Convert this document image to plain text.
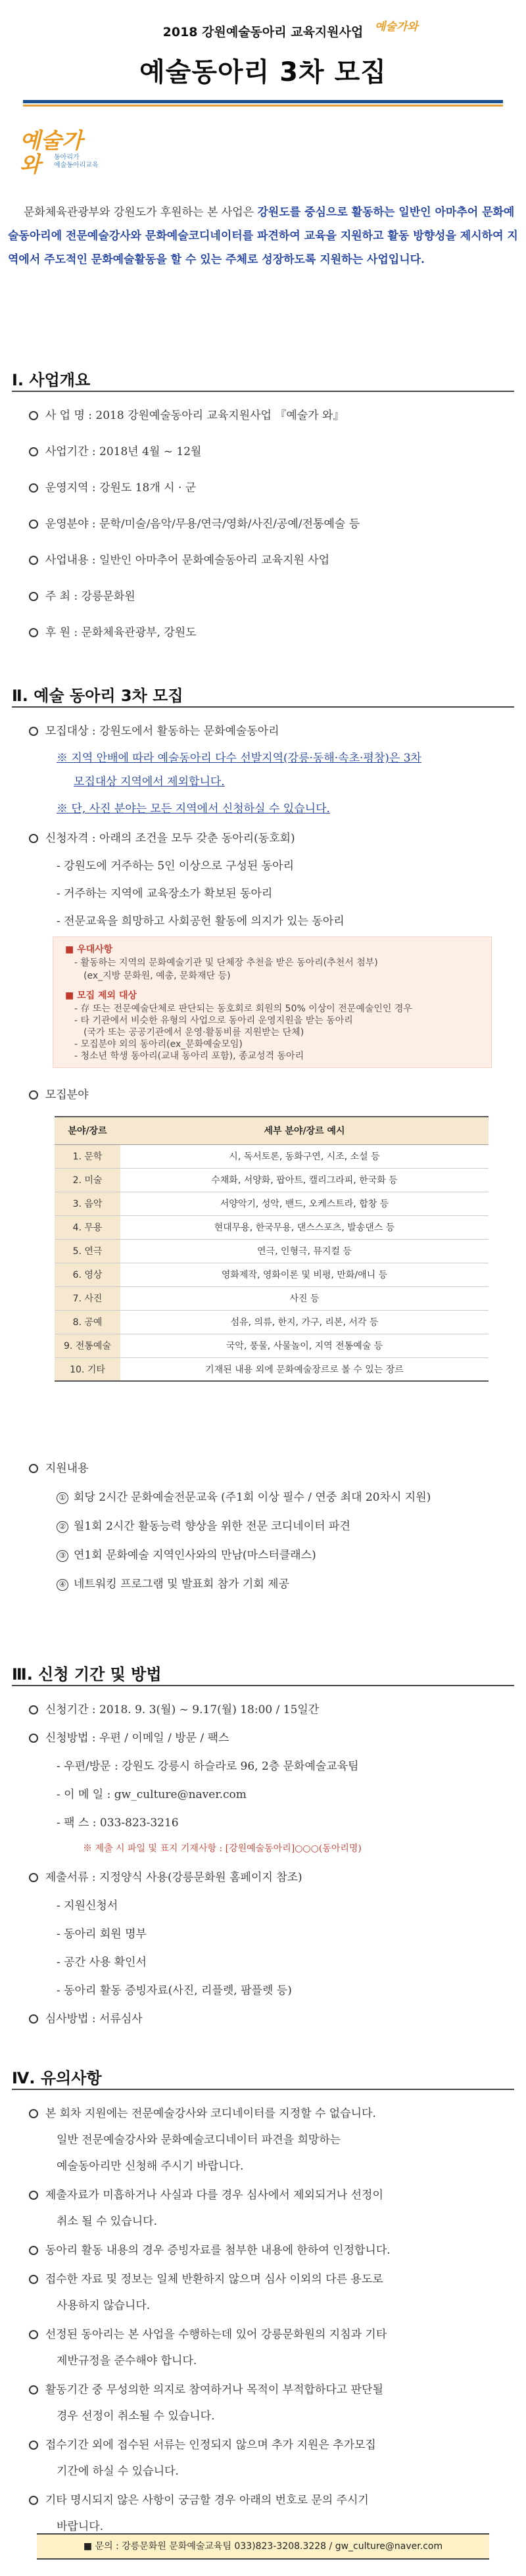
2018 강원예술동아리 교육지원사업	예술가와
예술동아리 3차 모집
예술가와	동아리가
예술동아리교육
문화체육관광부와 강원도가 후원하는 본 사업은 강원도를 중심으로 활동하는 일반인 아마추어 문화예술동아리에 전문예술강사와 문화예술코디네이터를 파견하여 교육을 지원하고 활동 방향성을 제시하여 지역에서 주도적인 문화예술활동을 할 수 있는 주체로 성장하도록 지원하는 사업입니다.
Ⅰ. 사업개요
사 업 명 : 2018 강원예술동아리 교육지원사업 『예술가 와』
사업기간 : 2018년 4월 ~ 12월
운영지역 : 강원도 18개 시 · 군
운영분야 : 문학/미술/음악/무용/연극/영화/사진/공예/전통예술 등
사업내용 : 일반인 아마추어 문화예술동아리 교육지원 사업
주 최 : 강릉문화원
후 원 : 문화체육관광부, 강원도
Ⅱ. 예술 동아리 3차 모집
모집대상 : 강원도에서 활동하는 문화예술동아리
※ 지역 안배에 따라 예술동아리 다수 선발지역(강릉·동해·속초·평창)은 3차
모집대상 지역에서 제외합니다.
※ 단, 사진 분야는 모든 지역에서 신청하실 수 있습니다.
신청자격 : 아래의 조건을 모두 갖춘 동아리(동호회)
- 강원도에 거주하는 5인 이상으로 구성된 동아리
- 거주하는 지역에 교육장소가 확보된 동아리
- 전문교육을 희망하고 사회공헌 활동에 의지가 있는 동아리
■ 우대사항
- 활동하는 지역의 문화예술기관 및 단체장 추천을 받은 동아리(추천서 첨부)
(ex_지방 문화원, 예총, 문화재단 등)
■ 모집 제외 대상
- 存 또는 전문예술단체로 판단되는 동호회로 회원의 50% 이상이 전문예술인인 경우
- 타 기관에서 비슷한 유형의 사업으로 동아리 운영지원을 받는 동아리
(국가 또는 공공기관에서 운영·활동비를 지원받는 단체)
- 모집분야 외의 동아리(ex_문화예술모임)
- 청소년 학생 동아리(교내 동아리 포함), 종교성격 동아리
모집분야
분야/장르	세부 분야/장르 예시
1. 문학	시, 독서토론, 동화구연, 시조, 소설 등
2. 미술	수채화, 서양화, 팝아트, 캘리그라피, 한국화 등
3. 음악	서양악기, 성악, 밴드, 오케스트라, 합창 등
4. 무용	현대무용, 한국무용, 댄스스포츠, 발송댄스 등
5. 연극	연극, 인형극, 뮤지컬 등
6. 영상	영화제작, 영화이론 및 비평, 만화/애니 등
7. 사진	사진 등
8. 공예	섬유, 의류, 한지, 가구, 리본, 서각 등
9. 전통예술	국악, 풍물, 사물놀이, 지역 전통예술 등
10. 기타	기재된 내용 외에 문화예술장르로 볼 수 있는 장르
지원내용
① 회당 2시간 문화예술전문교육 (주1회 이상 필수 / 연중 최대 20차시 지원)
② 월1회 2시간 활동능력 향상을 위한 전문 코디네이터 파견
③ 연1회 문화예술 지역인사와의 만남(마스터클래스)
④ 네트워킹 프로그램 및 발표회 참가 기회 제공
Ⅲ. 신청 기간 및 방법
신청기간 : 2018. 9. 3(월) ~ 9.17(월) 18:00 / 15일간
신청방법 : 우편 / 이메일 / 방문 / 팩스
- 우편/방문 : 강원도 강릉시 하슬라로 96, 2층 문화예술교육팀
- 이 메 일 : gw_culture@naver.com
- 팩 스 : 033-823-3216
※ 제출 시 파일 및 표지 기재사항 : [강원예술동아리]○○○(동아리명)
제출서류 : 지정양식 사용(강릉문화원 홈페이지 참조)
- 지원신청서
- 동아리 회원 명부
- 공간 사용 확인서
- 동아리 활동 증빙자료(사진, 리플렛, 팜플렛 등)
심사방법 : 서류심사
Ⅳ. 유의사항
본 회차 지원에는 전문예술강사와 코디네이터를 지정할 수 없습니다.
일반 전문예술강사와 문화예술코디네이터 파견을 희망하는
예술동아리만 신청해 주시기 바랍니다.
제출자료가 미흡하거나 사실과 다를 경우 심사에서 제외되거나 선정이
취소 될 수 있습니다.
동아리 활동 내용의 경우 증빙자료를 첨부한 내용에 한하여 인정합니다.
접수한 자료 및 정보는 일체 반환하지 않으며 심사 이외의 다른 용도로
사용하지 않습니다.
선정된 동아리는 본 사업을 수행하는데 있어 강릉문화원의 지침과 기타
제반규정을 준수해야 합니다.
활동기간 중 무성의한 의지로 참여하거나 목적이 부적합하다고 판단될
경우 선정이 취소될 수 있습니다.
접수기간 외에 접수된 서류는 인정되지 않으며 추가 지원은 추가모집
기간에 하실 수 있습니다.
기타 명시되지 않은 사항이 궁금할 경우 아래의 번호로 문의 주시기
바랍니다.
■ 문의 : 강릉문화원 문화예술교육팀 033)823-3208.3228 / gw_culture@naver.com
